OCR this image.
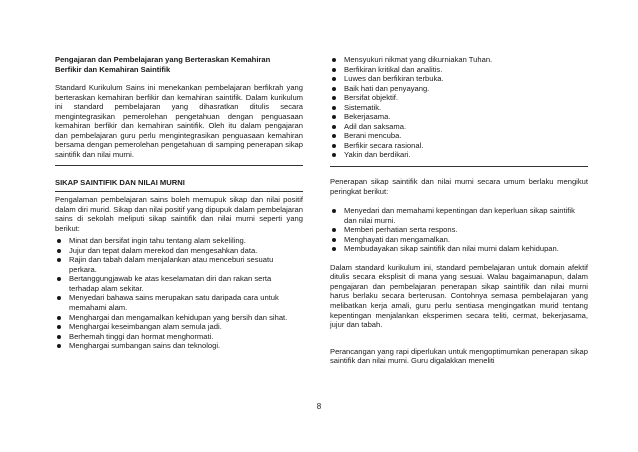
Pengajaran dan Pembelajaran yang Berteraskan Kemahiran Berfikir dan Kemahiran Saintifik
Standard Kurikulum Sains ini menekankan pembelajaran berfikrah yang berteraskan kemahiran berfikir dan kemahiran saintifik. Dalam kurikulum ini standard pembelajaran yang dihasratkan ditulis secara mengintegrasikan pemerolehan pengetahuan dengan penguasaan kemahiran berfikir dan kemahiran saintifik. Oleh itu dalam pengajaran dan pembelajaran guru perlu mengintegrasikan penguasaan kemahiran bersama dengan pemerolehan pengetahuan di samping penerapan sikap saintifik dan nilai murni.
SIKAP SAINTIFIK DAN NILAI MURNI
Pengalaman pembelajaran sains boleh memupuk sikap dan nilai positif dalam diri murid. Sikap dan nilai positif yang dipupuk dalam pembelajaran sains di sekolah meliputi sikap saintifik dan nilai murni seperti yang berikut:
Minat dan bersifat ingin tahu tentang alam sekeliling.
Jujur dan tepat dalam merekod dan mengesahkan data.
Rajin dan tabah dalam menjalankan atau menceburi sesuatu perkara.
Bertanggungjawab ke atas keselamatan diri dan rakan serta terhadap alam sekitar.
Menyedari bahawa sains merupakan satu daripada cara untuk memahami alam.
Menghargai dan mengamalkan kehidupan yang bersih dan sihat.
Menghargai keseimbangan alam semula jadi.
Berhemah tinggi dan hormat menghormati.
Menghargai sumbangan sains dan teknologi.
Mensyukuri nikmat yang dikurniakan Tuhan.
Berfikiran kritikal dan analitis.
Luwes dan berfikiran terbuka.
Baik hati dan penyayang.
Bersifat objektif.
Sistematik.
Bekerjasama.
Adil dan saksama.
Berani mencuba.
Berfikir secara rasional.
Yakin dan berdikari.
Penerapan sikap saintifik dan nilai murni secara umum berlaku mengikut peringkat berikut:
Menyedari dan memahami kepentingan dan keperluan sikap saintifik dan nilai murni.
Memberi perhatian serta respons.
Menghayati dan mengamalkan.
Membudayakan sikap saintifik dan nilai murni dalam kehidupan.
Dalam standard kurikulum ini, standard pembelajaran untuk domain afektif ditulis secara eksplisit di mana yang sesuai. Walau bagaimanapun, dalam pengajaran dan pembelajaran penerapan sikap saintifik dan nilai murni harus berlaku secara berterusan. Contohnya semasa pembelajaran yang melibatkan kerja amali, guru perlu sentiasa mengingatkan murid tentang kepentingan menjalankan eksperimen secara teliti, cermat, bekerjasama, jujur dan tabah.
Perancangan yang rapi diperlukan untuk mengoptimumkan penerapan sikap saintifik dan nilai murni. Guru digalakkan meneliti
8
